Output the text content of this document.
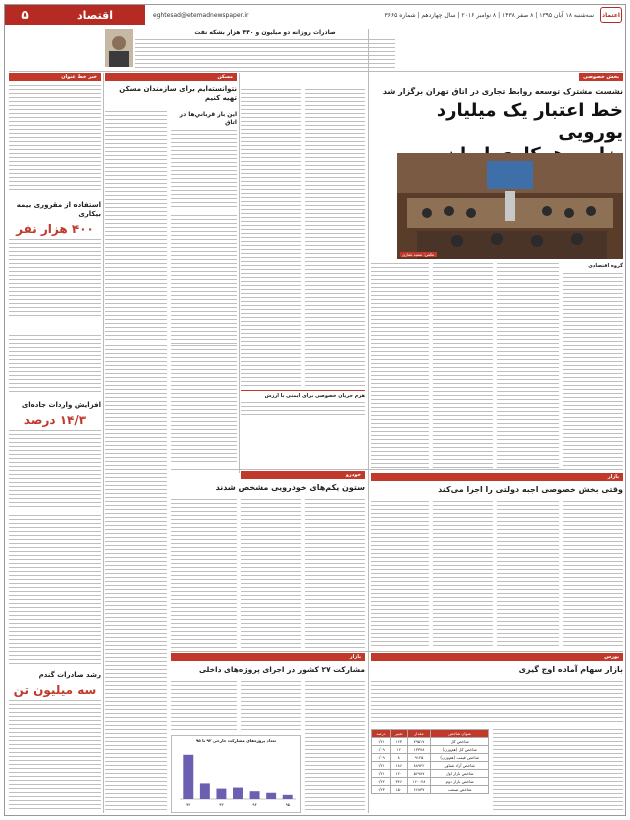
۵	اقتصاد	eghtesad@etemadnewspaper.ir	سه‌شنبه ۱۸ آبان ۱۳۹۵ | ۸ صفر ۱۴۳۸ | ۸ نوامبر ۲۰۱۶ | سال چهاردهم | شماره ۳۶۶۵	اعتماد
صادرات روزانه دو میلیون و ۴۴۰ هزار بشکه نفت
بخش خصوصی
نشست مشترک توسعه روابط تجاری در اتاق تهران برگزار شد
خط اعتبار یک میلیارد یورویی
عکس: سعید غفاری
گروه اقتصادی
مسکن
نتوانسته‌ایم برای سازمندان مسکن تهیه کنیم
این بار قربانیِ‌ها در اتاق
خبر خط عنوان
استفاده از مقروری بیمه بیکاری
۴۰۰ هزار نفر
افزایش واردات جاده‌ای
۱۴/۳ درصد
رشد صادرات گندم
سه میلیون تن
هزم جریان خصوصی برای ایمنی با ارزش
خودرو
ستون یکم‌های خودرویی مشخص شدند
بازار
وقتی بخش خصوصی اجبه دولتی را اجرا می‌کند
بازار
مشارکت ۲۷ کشور در اجرای پروژه‌های داخلی
تعداد پروژه‌های مشارکت خارجی ۹۲ تا ۹۵
۹۲	۹۳	۹۴	۹۵
بورس
بازار سهام آماده اوج گیری
عنوان شاخص	مقدار	تغییر	درصد
شاخص کل	۷۹۵۱۷	۱۶۳	۰/۲۱
شاخص کل (هم‌وزن)	۱۳۳۷۸	۱۲	۰/۰۹
شاخص قیمت (هم‌وزن)	۹۱۲۵	۸	۰/۰۹
شاخص آزاد شناور	۸۸۹۴۲	۱۸۶	۰/۲۱
شاخص بازار اول	۵۶۹۸۷	۱۲۰	۰/۲۱
شاخص بازار دوم	۱۶۰۰۴۸	۳۴۶	۰/۲۲
شاخص صنعت	۶۶۸۳۷	۱۵۰	۰/۲۳
